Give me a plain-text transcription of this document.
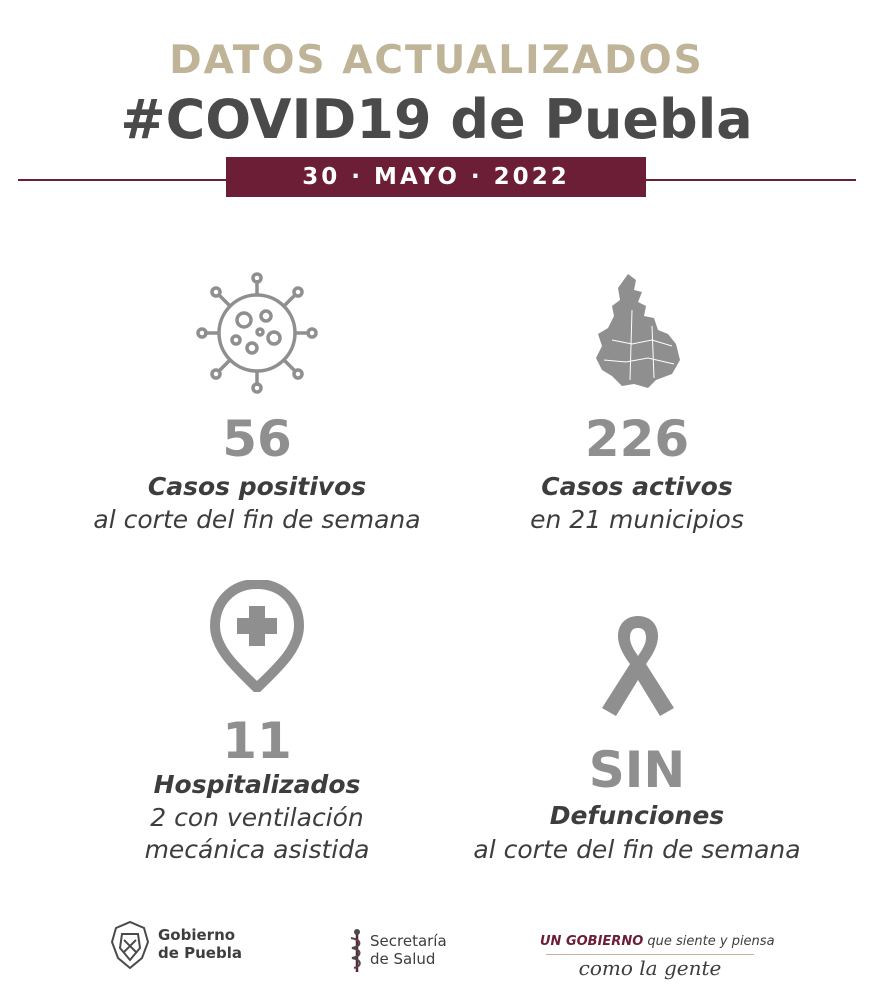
DATOS ACTUALIZADOS
#COVID19 de Puebla
30 · MAYO · 2022
56
Casos positivos
al corte del fin de semana
226
Casos activos
en 21 municipios
11
Hospitalizados
2 con ventilación
mecánica asistida
SIN
Defunciones
al corte del fin de semana
Gobierno
de Puebla
Secretaría
de Salud
UN GOBIERNO que siente y piensa
como la gente
